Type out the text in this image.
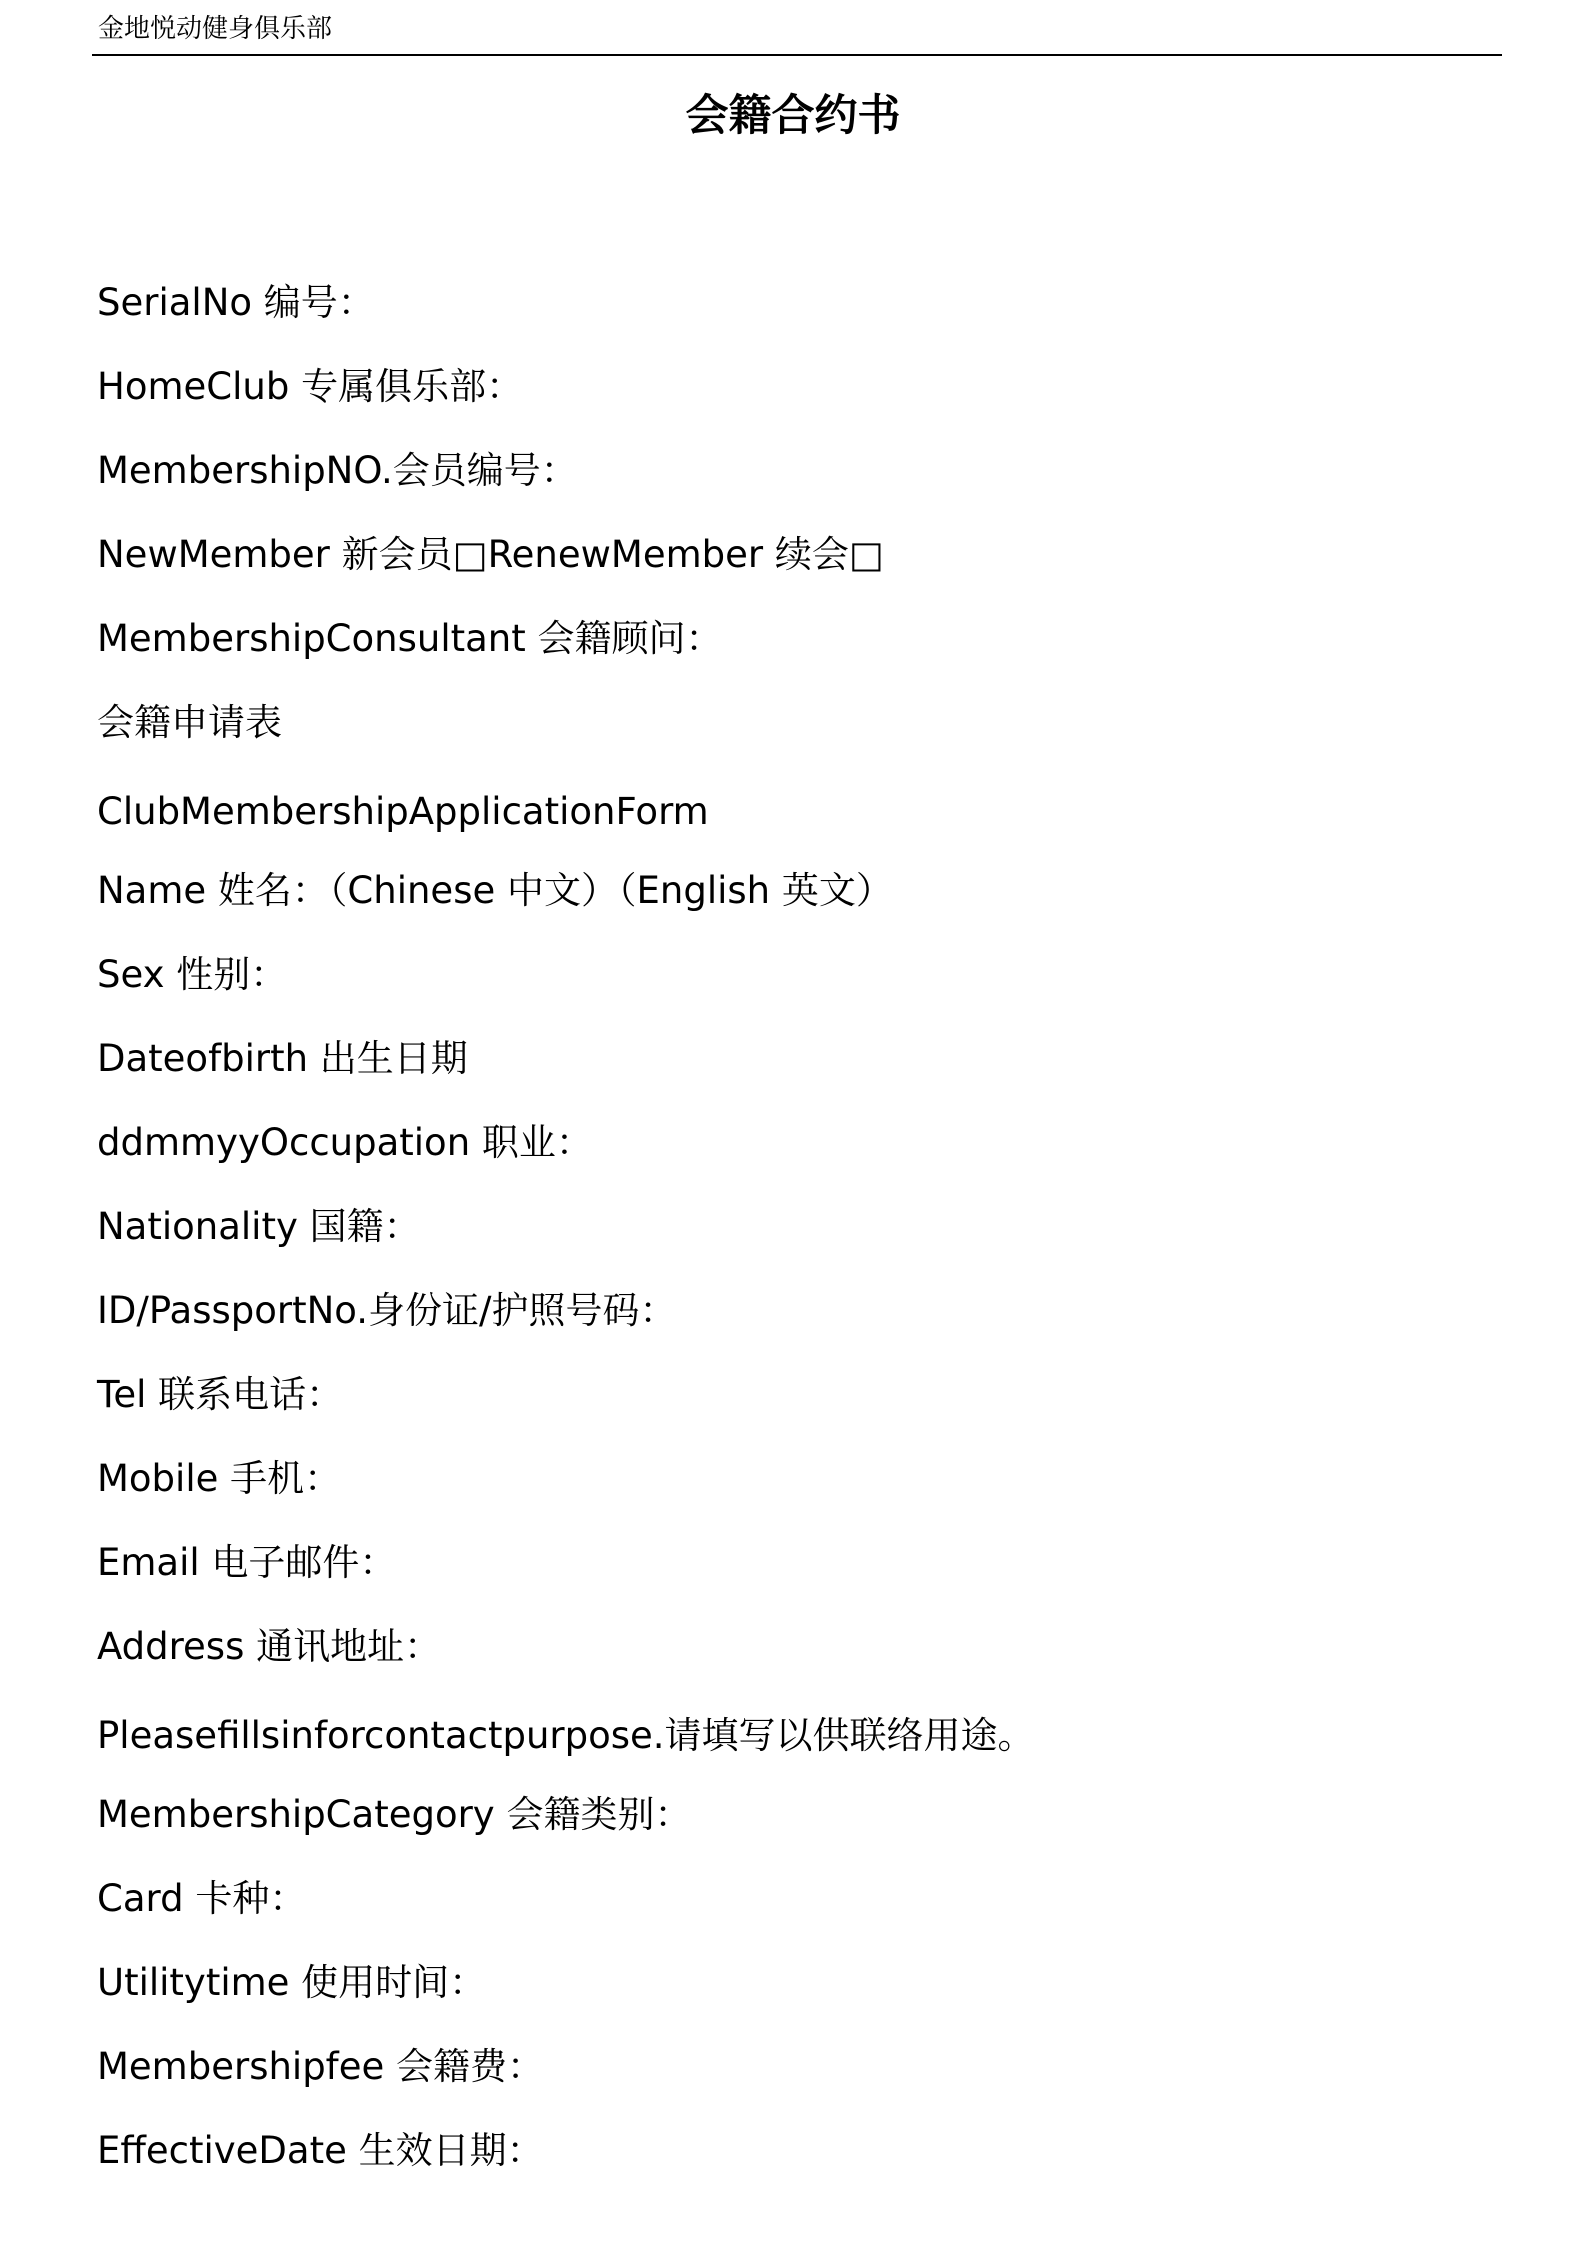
金地悦动健身俱乐部
会籍合约书
SerialNo 编号：
HomeClub 专属俱乐部：
MembershipNO.会员编号：
NewMember 新会员□RenewMember 续会□
MembershipConsultant 会籍顾问：
会籍申请表
ClubMembershipApplicationForm
Name 姓名：（Chinese 中文）（English 英文）
Sex 性别：
Dateofbirth 出生日期
ddmmyyOccupation 职业：
Nationality 国籍：
ID/PassportNo.身份证/护照号码：
Tel 联系电话：
Mobile 手机：
Email 电子邮件：
Address 通讯地址：
Pleasefillsinforcontactpurpose.请填写以供联络用途。
MembershipCategory 会籍类别：
Card 卡种：
Utilitytime 使用时间：
Membershipfee 会籍费：
EffectiveDate 生效日期：
